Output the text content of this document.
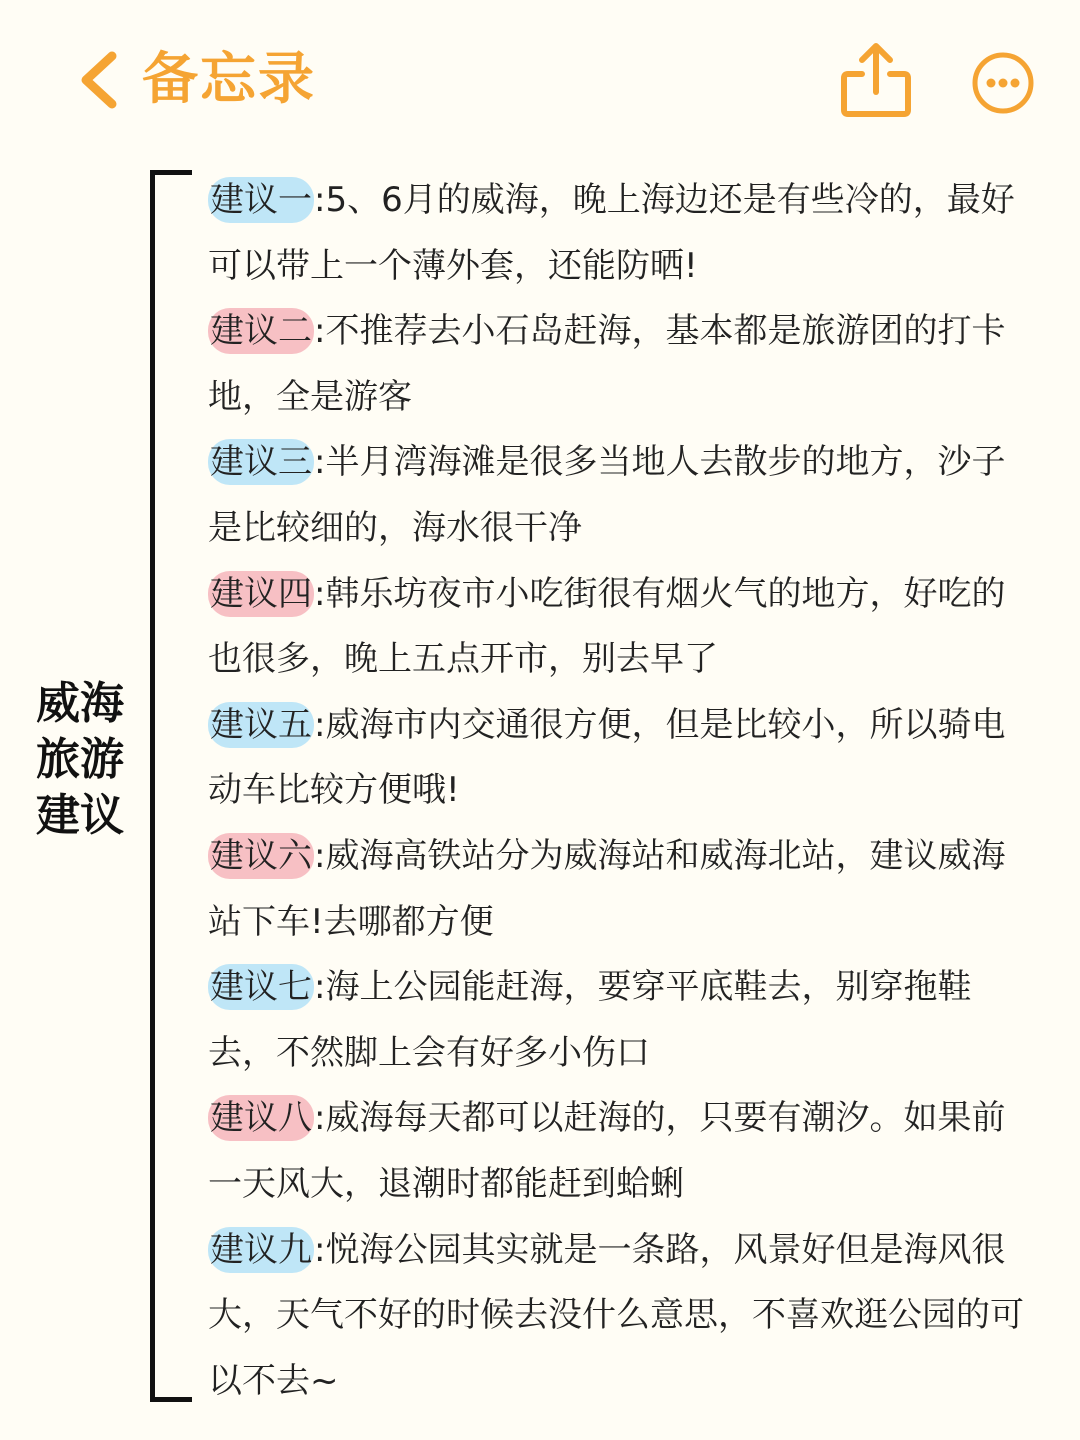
备忘录
威海
旅游
建议

建议一:5、6月的威海，晚上海边还是有些冷的，最好可以带上一个薄外套，还能防晒!

建议二:不推荐去小石岛赶海，基本都是旅游团的打卡地，全是游客

建议三:半月湾海滩是很多当地人去散步的地方，沙子是比较细的，海水很干净

建议四:韩乐坊夜市小吃街很有烟火气的地方，好吃的也很多，晚上五点开市，别去早了

建议五:威海市内交通很方便，但是比较小，所以骑电动车比较方便哦!

建议六:威海高铁站分为威海站和威海北站，建议威海站下车!去哪都方便

建议七:海上公园能赶海，要穿平底鞋去，别穿拖鞋去，不然脚上会有好多小伤口

建议八:威海每天都可以赶海的，只要有潮汐。如果前一天风大，退潮时都能赶到蛤蜊

建议九:悦海公园其实就是一条路，风景好但是海风很大，天气不好的时候去没什么意思，不喜欢逛公园的可以不去~
